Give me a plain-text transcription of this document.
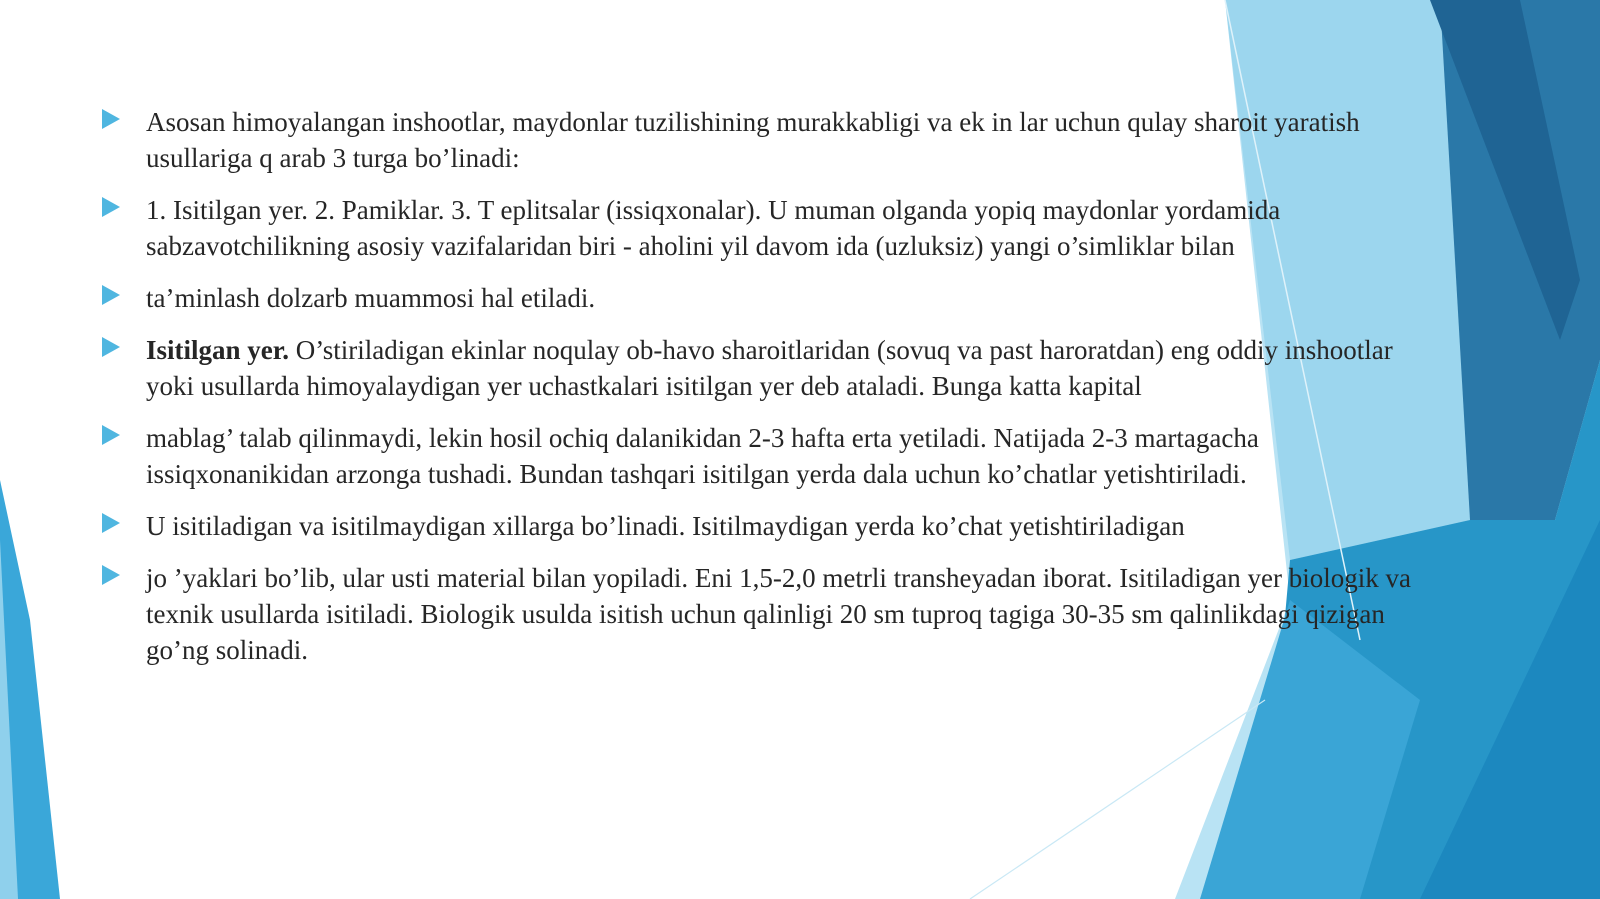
Asosan himoyalangan inshootlar, maydonlar tuzilishining murakkabligi va ek in lar uchun qulay sharoit yaratish usullariga q arab 3 turga bo’linadi:
1. Isitilgan yer. 2. Pamiklar. 3. T eplitsalar (issiqxonalar). U muman olganda yopiq maydonlar yordamida sabzavotchilikning asosiy vazifalaridan biri - aholini yil davom ida (uzluksiz) yangi o’simliklar bilan
ta’minlash dolzarb muammosi hal etiladi.
Isitilgan yer. O’stiriladigan ekinlar noqulay ob-havo sharoitlaridan (sovuq va past haroratdan) eng oddiy inshootlar yoki usullarda himoyalaydigan yer uchastkalari isitilgan yer deb ataladi. Bunga katta kapital
mablag’ talab qilinmaydi, lekin hosil ochiq dalanikidan 2-3 hafta erta yetiladi. Natijada 2-3 martagacha issiqxonanikidan arzonga tushadi. Bundan tashqari isitilgan yerda dala uchun ko’chatlar yetishtiriladi.
U isitiladigan va isitilmaydigan xillarga bo’linadi. Isitilmaydigan yerda ko’chat yetishtiriladigan
jo ’yaklari bo’lib, ular usti material bilan yopiladi. Eni 1,5-2,0 metrli transheyadan iborat. Isitiladigan yer biologik va texnik usullarda isitiladi. Biologik usulda isitish uchun qalinligi 20 sm tuproq tagiga 30-35 sm qalinlikdagi qizigan go’ng solinadi.
